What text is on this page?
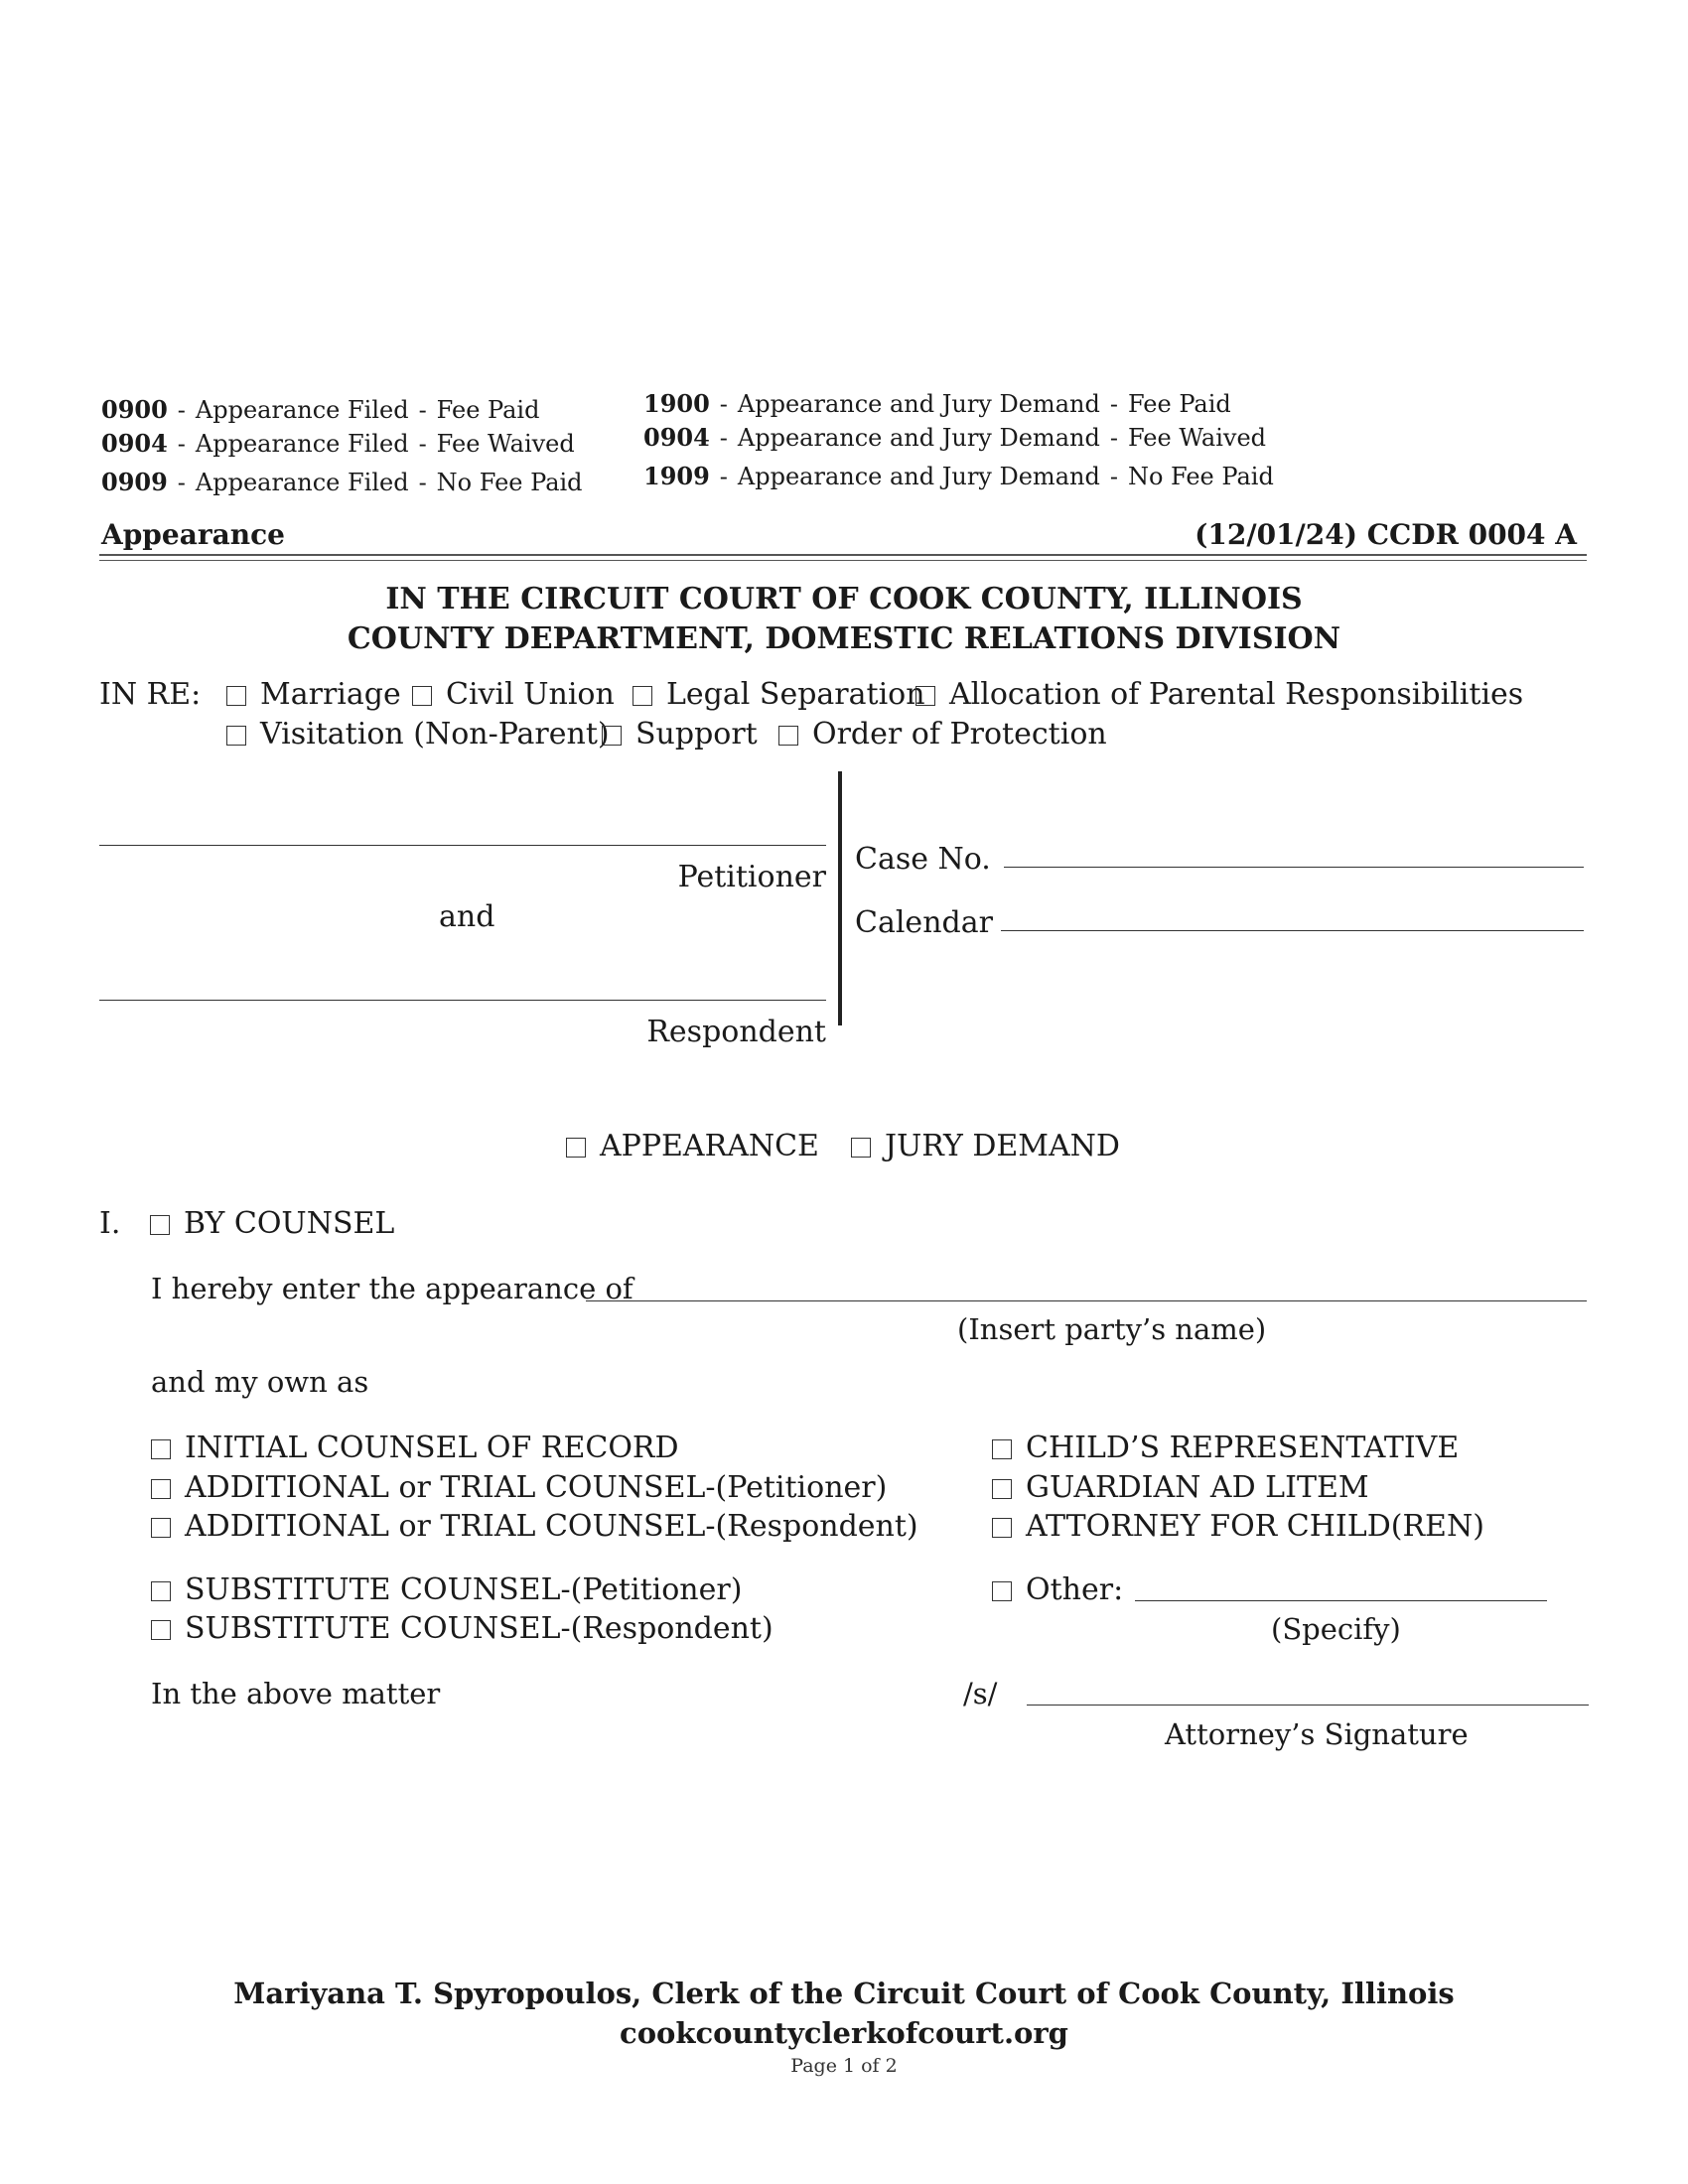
0900 - Appearance Filed - Fee Paid
0904 - Appearance Filed - Fee Waived
0909 - Appearance Filed - No Fee Paid
1900 - Appearance and Jury Demand - Fee Paid
0904 - Appearance and Jury Demand - Fee Waived
1909 - Appearance and Jury Demand - No Fee Paid
Appearance	(12/01/24) CCDR 0004 A
IN THE CIRCUIT COURT OF COOK COUNTY, ILLINOIS
COUNTY DEPARTMENT, DOMESTIC RELATIONS DIVISION
IN RE:	Marriage	Civil Union	Legal Separation Allocation of Parental Responsibilities
Visitation (Non-Parent) Support	Order of Protection
Petitioner
and
Respondent
Case No.
Calendar
APPEARANCE	JURY DEMAND
I.	BY COUNSEL
I hereby enter the appearance of
(Insert party’s name)
and my own as
INITIAL COUNSEL OF RECORD
ADDITIONAL or TRIAL COUNSEL-(Petitioner)
ADDITIONAL or TRIAL COUNSEL-(Respondent)
CHILD’S REPRESENTATIVE
GUARDIAN AD LITEM
ATTORNEY FOR CHILD(REN)
SUBSTITUTE COUNSEL-(Petitioner)
SUBSTITUTE COUNSEL-(Respondent)
Other:
(Specify)
In the above matter	/s/
Attorney’s Signature
Mariyana T. Spyropoulos, Clerk of the Circuit Court of Cook County, Illinois
cookcountyclerkofcourt.org
Page 1 of 2
